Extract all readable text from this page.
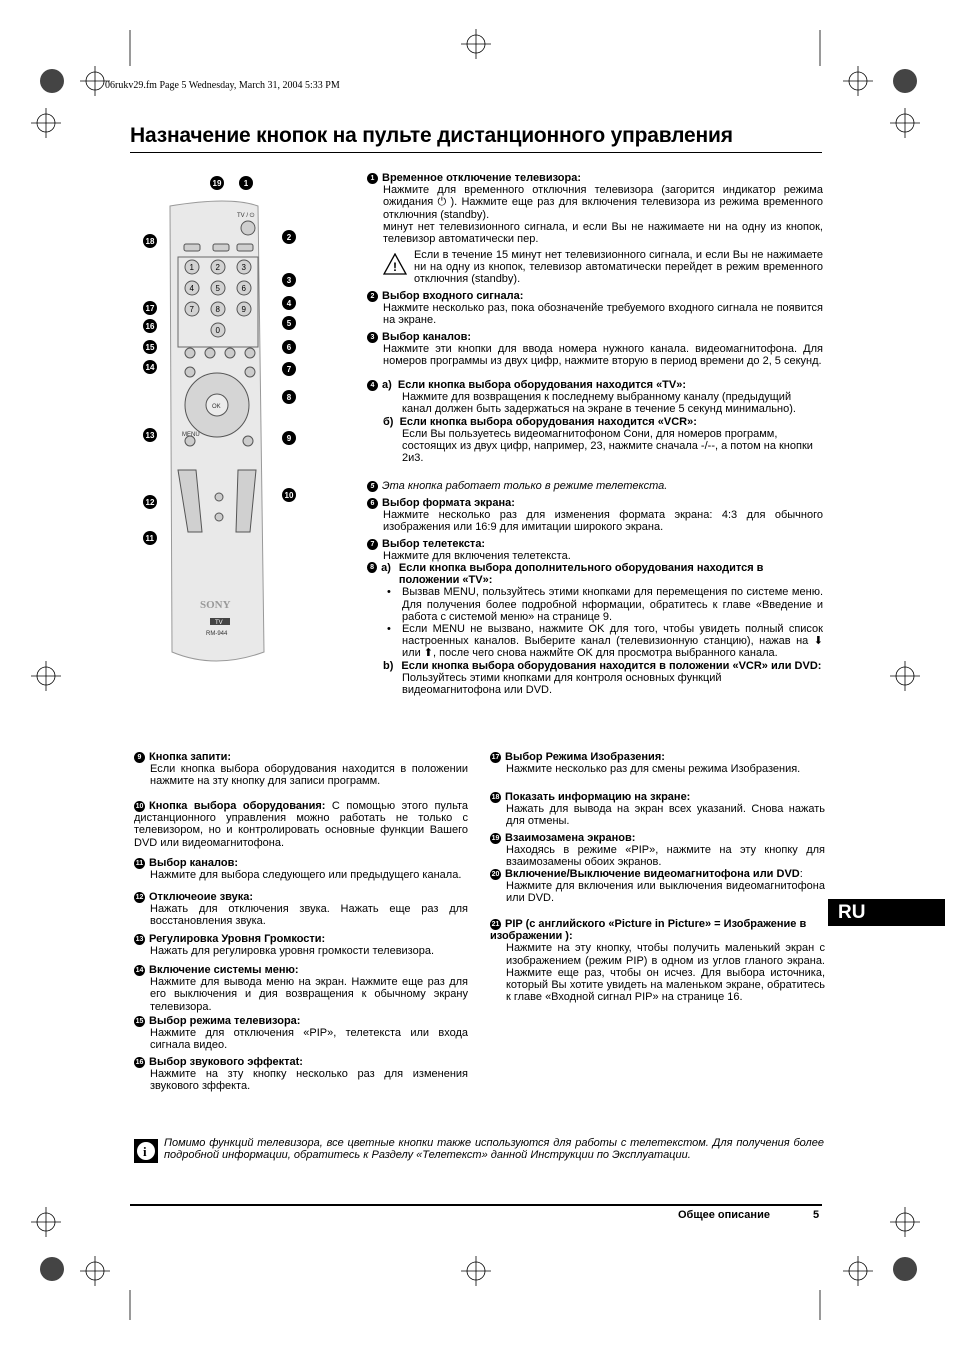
06rukv29.fm Page 5 Wednesday, March 31, 2004 5:33 PM
Назначение кнопок на пульте дистанционного управления
TV / ⏻
1	2	3
4	5	6
7	8	9
0
OK
MENU
SONY
TV
RM-944
19	1
18	2
3
17
4
16	5
15	6
14	7
8
13	9
12
10
11
1 Временное отключение телевизора:
Нажмите для временного отключния телевизора (загорится индикатор режима ожидания ⏻ ). Нажмите еще раз для включения телевизора из режима временного отключния (standby).
минут нет телевизионного сигнала, и если Вы не нажимаете ни на одну из кнопок, телевизор автоматически пер.
!
Если в течение 15 минут нет телевизионного сигнала, и если Вы не нажимаете ни на одну из кнопок, телевизор автоматически перейдет в режим временного отключния (standby).
2 Выбор входного сигнала:
Нажмите несколько раз, пока обозначенйе требуемого входного сигнала не появится на экране.
3 Выбор каналов:
Нажмите эти кнопки для ввода номера нужного канала. видеомагнитофона. Для номеров программы из двух цифр, нажмите вторую в период времени до 2, 5 секунд.
4 а) Если кнопка выбора оборудования нaxoдится «TV»:
Нажмите для возвращения к последнему выбранному каналу (предыдущий канал должен быть задержаться на экране в течение 5 секунд минимально).
б) Если кнопка выбора оборудования нaxoдится «VCR»:
Если Вы пользуетесь видеомагнитофоном Сони, для номеров программ, состоящих из двух цифр, например, 23, нажмите сначала -/--, а потом на кнопки 2и3.
5 Эта кнопка работает только в режиме телетекста.
6 Выбор формата экрана:
Нажмите несколько раз для изменения формата экрана: 4:3 для обычного изображения или 16:9 для имитации широкого экрана.
7 Выбор телетекста:
Нажмите для включения телетекста.
8 а) Если кнопка выбора дополнительного оборудования находится в положении «TV»:
•	Вызвав MENU, пользуйтесь этими кнопками для перемещения по системе меню. Для получения более подробной нформации, обратитесь к главе «Введение и работа с системой меню» на странице 9.
•	Если MENU не вызвано, нажмите OK для того, чтобы увидеть полный список настроенных каналов. Выберите канал (телевизионную станцию), нажав на ⬇ или ⬆, после чего снова нажмйте OK для просмотра выбранного канала.
b) Если кнопка выбора оборудования находится в положении «VCR» или DVD:
Пользуйтесь этими кнопками для контроля основных функций видеомагнитофона или DVD.
9 Кнопка запити:
Если кнопка выбора оборудования нaxoдится в положении нажмите на зту кнопку для записи программ.
10 Кнопка выбора оборудования: С помощью этого пульта дистанционного управления можно работать не только с телевизором, но и контролировать основные функции Вашего DVD или видеомагнитофона.
11 Выбор каналов:
Нажмите для выбора следующего или предыдущего канала.
12 Отключеоие звука:
Нажать для отключения звука. Нажать еще раз для восстановления звука.
13 Регулировка Уровня Громкости:
Нажать для регулировка уровня громкости телевизора.
14 Включение системы меню:
Нажмите для вывода меню на экран. Нажмите еще раз для его выключения и дия возвращения к обычному экрану телевизора.
15 Выбор режима телевизора:
Нажмите для отключения «PIP», телетекста или входа сигнала видео.
16 Выбор звукового эффектаt:
Нажмите на зту кнопку несколько раз для изменения звукового зффекта.
17 Выбор Режима Изобразения:
Нажмите несколько раз для смены режима Изобразения.
18 Показать информацию на зкране:
Нажать для вывода на экран всех указаний. Снова нажать для отмены.
19 Взаимозамена экранов:
Находясь в режиме «PIP», нажмите на эту кнопку для взаимозамены обоих экранов.
20 Включение/Выключение видеомагнитофона или DVD:
Нажмите для включения или выключения видеомагнитофона или DVD.
21 PIP (с английского «Picture in Picture» = Изображение в изображении ):
Нажмите на эту кнопку, чтобы получить маленький экран с изображением (режим PIP) в одном из углов гланого экрана. Нажмите еще раз, чтобы он исчез. Для выбора источника, который Вы хотите увидеть на маленьком экране, обратитесь к главе «Входной сигнал PIP» на странице 16.
RU
i
Помимо функций телевизора, все цветные кнопки также используются для работы с телетекстом. Для получения более подробной информации, обратитесь к Разделу «Телетекст» данной Инструкции по Эксплуатации.
Общее описание	5
